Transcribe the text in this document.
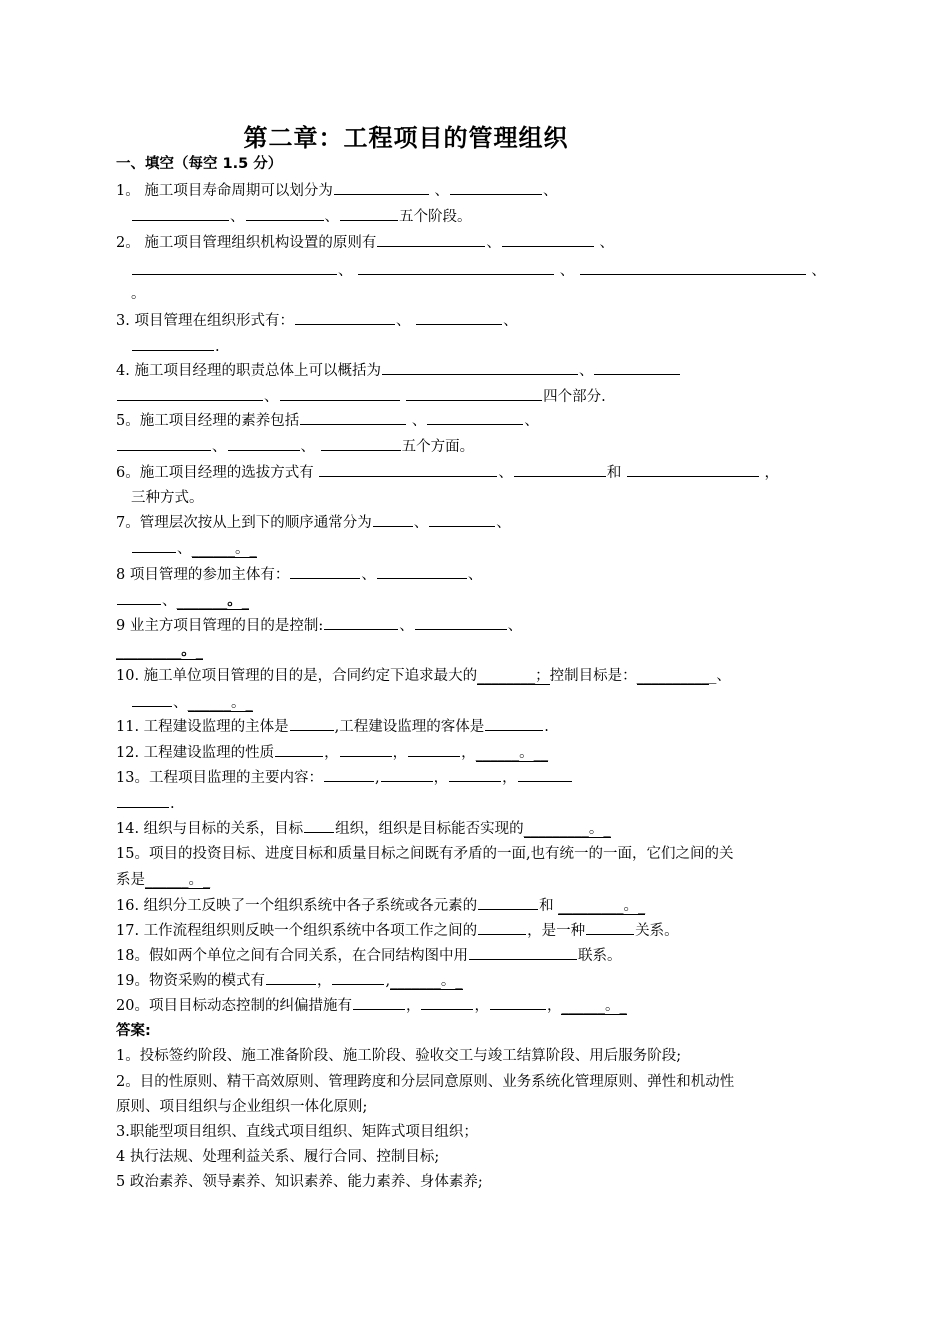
第二章：工程项目的管理组织
一、填空（每空 1.5 分）
1。 施工项目寿命周期可以划分为	、	、
、	、	五个阶段。
2。 施工项目管理组织机构设置的原则有	、	、
、	、	、
。
3. 项目管理在组织形式有：	、	、
.
4. 施工项目经理的职责总体上可以概括为	、
、	四个部分.
5。施工项目经理的素养包括	、	、
、	、	五个方面。
6。施工项目经理的选拔方式有	、	和	，
三种方式。
7。管理层次按从上到下的顺序通常分为	、	、
、______。_
8 项目管理的参加主体有：	、	、
、_______。_
9 业主方项目管理的目的是控制:	、	、
_________。_
10. 施工单位项目管理的目的是，合同约定下追求最大的________；控制目标是：___________、
、______。_
11. 工程建设监理的主体是	,工程建设监理的客体是	.
12. 工程建设监理的性质	，	，	，______。__
13。工程项目监理的主要内容：	,	，	，
.
14. 组织与目标的关系，目标 组织，组织是目标能否实现的_________。_
15。项目的投资目标、进度目标和质量目标之间既有矛盾的一面,也有统一的一面，它们之间的关
系是______。_
16. 组织分工反映了一个组织系统中各子系统或各元素的	和 _________。_
17. 工作流程组织则反映一个组织系统中各项工作之间的	，是一种	关系。
18。假如两个单位之间有合同关系，在合同结构图中用	联系。
19。物资采购的模式有	，	,_______。_
20。项目目标动态控制的纠偏措施有	，	，	，______。_
答案:
1。投标签约阶段、施工准备阶段、施工阶段、验收交工与竣工结算阶段、用后服务阶段;
2。目的性原则、精干高效原则、管理跨度和分层同意原则、业务系统化管理原则、弹性和机动性
原则、项目组织与企业组织一体化原则;
3.职能型项目组织、直线式项目组织、矩阵式项目组织；
4 执行法规、处理利益关系、履行合同、控制目标;
5 政治素养、领导素养、知识素养、能力素养、身体素养;
